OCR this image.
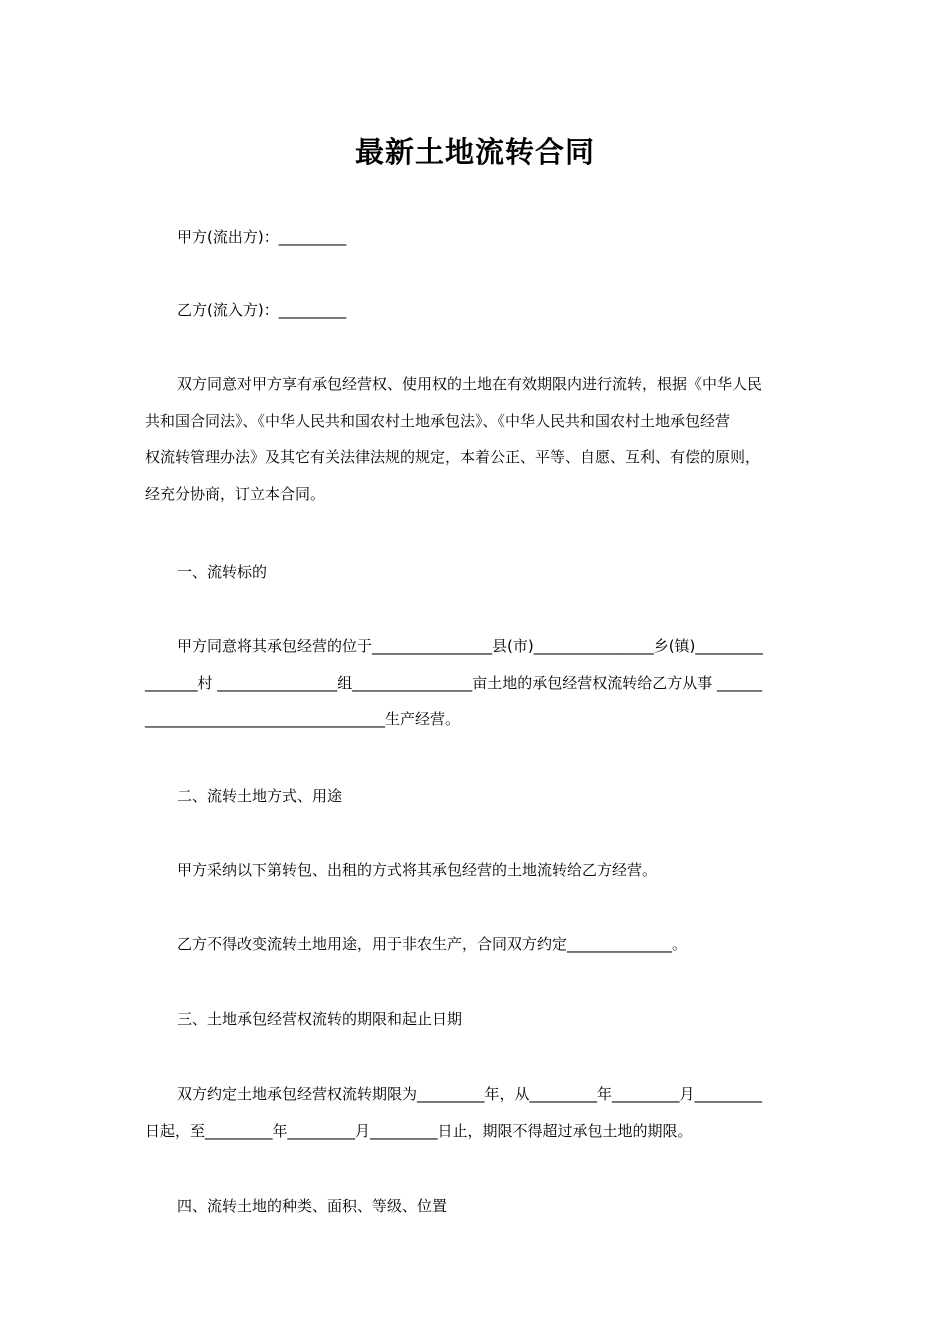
最新土地流转合同
甲方(流出方)：_________
乙方(流入方)：_________

双方同意对甲方享有承包经营权、使用权的土地在有效期限内进行流转，根据《中华人民

共和国合同法》、《中华人民共和国农村土地承包法》、《中华人民共和国农村土地承包经营

权流转管理办法》及其它有关法律法规的规定，本着公正、平等、自愿、互利、有偿的原则，

经充分协商，订立本合同。

一、流转标的

甲方同意将其承包经营的位于________________县(市)________________乡(镇)_________

_______村 ________________组________________亩土地的承包经营权流转给乙方从事 ______

________________________________生产经营。

二、流转土地方式、用途
甲方采纳以下第转包、出租的方式将其承包经营的土地流转给乙方经营。
乙方不得改变流转土地用途，用于非农生产，合同双方约定______________。
三、土地承包经营权流转的期限和起止日期

双方约定土地承包经营权流转期限为_________年，从_________年_________月_________

日起，至_________年_________月_________日止，期限不得超过承包土地的期限。

四、流转土地的种类、面积、等级、位置
